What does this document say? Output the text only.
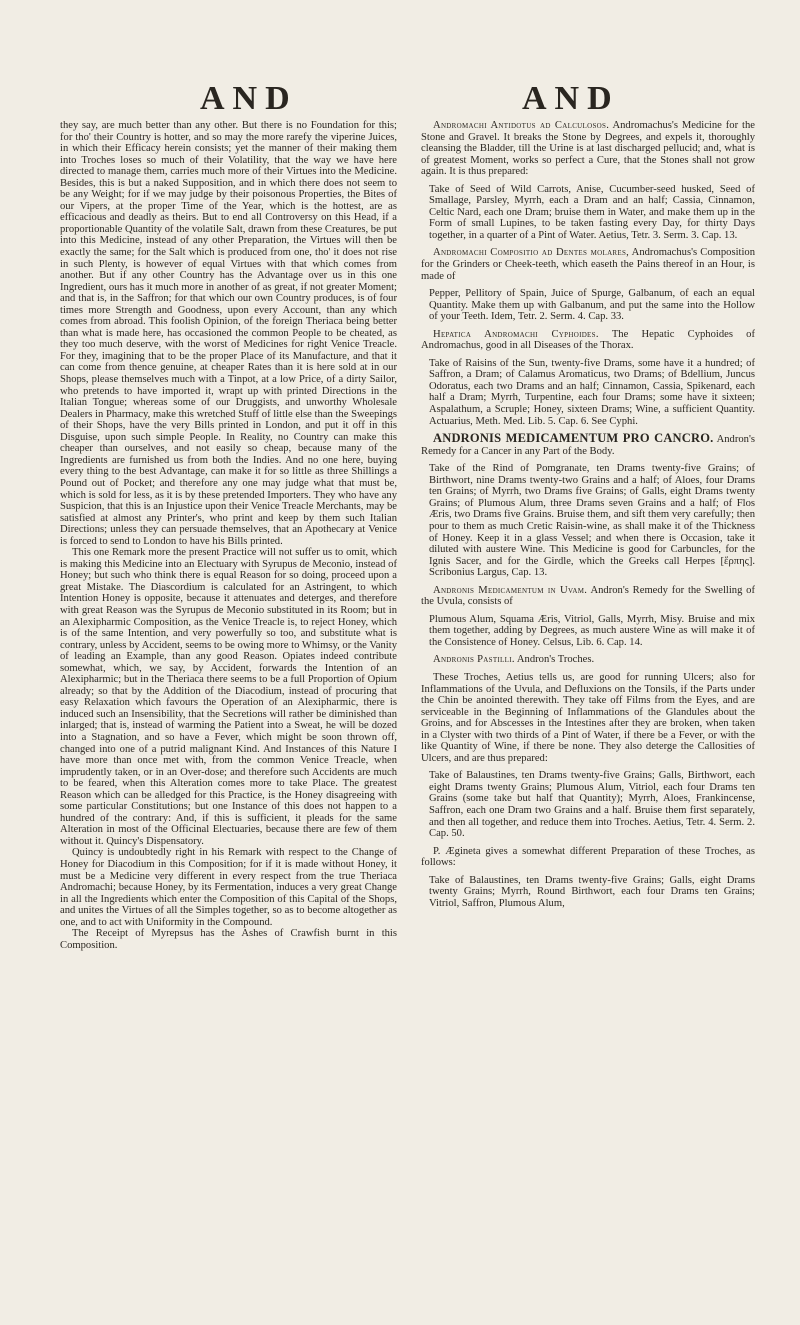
AND	AND

they say, are much better than any other. But there is no Foundation for this; for tho' their Country is hotter, and so may the more rarefy the viperine Juices, in which their Efficacy herein consists; yet the manner of their making them into Troches loses so much of their Volatility, that the way we have here directed to manage them, carries much more of their Virtues into the Medicine. Besides, this is but a naked Supposition, and in which there does not seem to be any Weight; for if we may judge by their poisonous Properties, the Bites of our Vipers, at the proper Time of the Year, which is the hottest, are as efficacious and deadly as theirs. But to end all Controversy on this Head, if a proportionable Quantity of the volatile Salt, drawn from these Creatures, be put into this Medicine, instead of any other Preparation, the Virtues will then be exactly the same; for the Salt which is produced from one, tho' it does not rise in such Plenty, is however of equal Virtues with that which comes from another. But if any other Country has the Advantage over us in this one Ingredient, ours has it much more in another of as great, if not greater Moment; and that is, in the Saffron; for that which our own Country produces, is of four times more Strength and Goodness, upon every Account, than any which comes from abroad. This foolish Opinion, of the foreign Theriaca being better than what is made here, has occasioned the common People to be cheated, as they too much deserve, with the worst of Medicines for right Venice Treacle. For they, imagining that to be the proper Place of its Manufacture, and that it can come from thence genuine, at cheaper Rates than it is here sold at in our Shops, please themselves much with a Tinpot, at a low Price, of a dirty Sailor, who pretends to have imported it, wrapt up with printed Directions in the Italian Tongue; whereas some of our Druggists, and unworthy Wholesale Dealers in Pharmacy, make this wretched Stuff of little else than the Sweepings of their Shops, have the very Bills printed in London, and put it off in this Disguise, upon such simple People. In Reality, no Country can make this cheaper than ourselves, and not easily so cheap, because many of the Ingredients are furnished us from both the Indies. And no one here, buying every thing to the best Advantage, can make it for so little as three Shillings a Pound out of Pocket; and therefore any one may judge what that must be, which is sold for less, as it is by these pretended Importers. They who have any Suspicion, that this is an Injustice upon their Venice Treacle Merchants, may be satisfied at almost any Printer's, who print and keep by them such Italian Directions; unless they can persuade themselves, that an Apothecary at Venice is forced to send to London to have his Bills printed.

This one Remark more the present Practice will not suffer us to omit, which is making this Medicine into an Electuary with Syrupus de Meconio, instead of Honey; but such who think there is equal Reason for so doing, proceed upon a great Mistake. The Diascordium is calculated for an Astringent, to which Intention Honey is opposite, because it attenuates and deterges, and therefore with great Reason was the Syrupus de Meconio substituted in its Room; but in an Alexipharmic Composition, as the Venice Treacle is, to reject Honey, which is of the same Intention, and very powerfully so too, and substitute what is contrary, unless by Accident, seems to be owing more to Whimsy, or the Vanity of leading an Example, than any good Reason. Opiates indeed contribute somewhat, which, we say, by Accident, forwards the Intention of an Alexipharmic; but in the Theriaca there seems to be a full Proportion of Opium already; so that by the Addition of the Diacodium, instead of procuring that easy Relaxation which favours the Operation of an Alexipharmic, there is induced such an Insensibility, that the Secretions will rather be diminished than inlarged; that is, instead of warming the Patient into a Sweat, he will be dozed into a Stagnation, and so have a Fever, which might be soon thrown off, changed into one of a putrid malignant Kind. And Instances of this Nature I have more than once met with, from the common Venice Treacle, when imprudently taken, or in an Over-dose; and therefore such Accidents are much to be feared, when this Alteration comes more to take Place. The greatest Reason which can be alledged for this Practice, is the Honey disagreeing with some particular Constitutions; but one Instance of this does not happen to a hundred of the contrary: And, if this is sufficient, it pleads for the same Alteration in most of the Officinal Electuaries, because there are few of them without it. Quincy's Dispensatory.

Quincy is undoubtedly right in his Remark with respect to the Change of Honey for Diacodium in this Composition; for if it is made without Honey, it must be a Medicine very different in every respect from the true Theriaca Andromachi; because Honey, by its Fermentation, induces a very great Change in all the Ingredients which enter the Composition of this Capital of the Shops, and unites the Virtues of all the Simples together, so as to become altogether as one, and to act with Uniformity in the Compound.

The Receipt of Myrepsus has the Ashes of Crawfish burnt in this Composition.

Andromachi Antidotus ad Calculosos. Andromachus's Medicine for the Stone and Gravel. It breaks the Stone by Degrees, and expels it, thoroughly cleansing the Bladder, till the Urine is at last discharged pellucid; and, what is of greatest Moment, works so perfect a Cure, that the Stones shall not grow again. It is thus prepared:

Take of Seed of Wild Carrots, Anise, Cucumber-seed husked, Seed of Smallage, Parsley, Myrrh, each a Dram and an half; Cassia, Cinnamon, Celtic Nard, each one Dram; bruise them in Water, and make them up in the Form of small Lupines, to be taken fasting every Day, for thirty Days together, in a quarter of a Pint of Water. Aetius, Tetr. 3. Serm. 3. Cap. 13.

Andromachi Compositio ad Dentes molares, Andromachus's Composition for the Grinders or Cheek-teeth, which easeth the Pains thereof in an Hour, is made of

Pepper, Pellitory of Spain, Juice of Spurge, Galbanum, of each an equal Quantity. Make them up with Galbanum, and put the same into the Hollow of your Teeth. Idem, Tetr. 2. Serm. 4. Cap. 33.

Hepatica Andromachi Cyphoides. The Hepatic Cyphoides of Andromachus, good in all Diseases of the Thorax.

Take of Raisins of the Sun, twenty-five Drams, some have it a hundred; of Saffron, a Dram; of Calamus Aromaticus, two Drams; of Bdellium, Juncus Odoratus, each two Drams and an half; Cinnamon, Cassia, Spikenard, each half a Dram; Myrrh, Turpentine, each four Drams; some have it sixteen; Aspalathum, a Scruple; Honey, sixteen Drams; Wine, a sufficient Quantity. Actuarius, Meth. Med. Lib. 5. Cap. 6. See Cyphi.

ANDRONIS MEDICAMENTUM PRO CANCRO. Andron's Remedy for a Cancer in any Part of the Body.

Take of the Rind of Pomgranate, ten Drams twenty-five Grains; of Birthwort, nine Drams twenty-two Grains and a half; of Aloes, four Drams ten Grains; of Myrrh, two Drams five Grains; of Galls, eight Drams twenty Grains; of Plumous Alum, three Drams seven Grains and a half; of Flos Æris, two Drams five Grains. Bruise them, and sift them very carefully; then pour to them as much Cretic Raisin-wine, as shall make it of the Thickness of Honey. Keep it in a glass Vessel; and when there is Occasion, take it diluted with austere Wine. This Medicine is good for Carbuncles, for the Ignis Sacer, and for the Girdle, which the Greeks call Herpes [ἕρπης]. Scribonius Largus, Cap. 13.

Andronis Medicamentum in Uvam. Andron's Remedy for the Swelling of the Uvula, consists of

Plumous Alum, Squama Æris, Vitriol, Galls, Myrrh, Misy. Bruise and mix them together, adding by Degrees, as much austere Wine as will make it of the Consistence of Honey. Celsus, Lib. 6. Cap. 14.

Andronis Pastilli. Andron's Troches.

These Troches, Aetius tells us, are good for running Ulcers; also for Inflammations of the Uvula, and Defluxions on the Tonsils, if the Parts under the Chin be anointed therewith. They take off Films from the Eyes, and are serviceable in the Beginning of Inflammations of the Glandules about the Groins, and for Abscesses in the Intestines after they are broken, when taken in a Clyster with two thirds of a Pint of Water, if there be a Fever, or with the like Quantity of Wine, if there be none. They also deterge the Callosities of Ulcers, and are thus prepared:

Take of Balaustines, ten Drams twenty-five Grains; Galls, Birthwort, each eight Drams twenty Grains; Plumous Alum, Vitriol, each four Drams ten Grains (some take but half that Quantity); Myrrh, Aloes, Frankincense, Saffron, each one Dram two Grains and a half. Bruise them first separately, and then all together, and reduce them into Troches. Aetius, Tetr. 4. Serm. 2. Cap. 50.

P. Ægineta gives a somewhat different Preparation of these Troches, as follows:

Take of Balaustines, ten Drams twenty-five Grains; Galls, eight Drams twenty Grains; Myrrh, Round Birthwort, each four Drams ten Grains; Vitriol, Saffron, Plumous Alum,
